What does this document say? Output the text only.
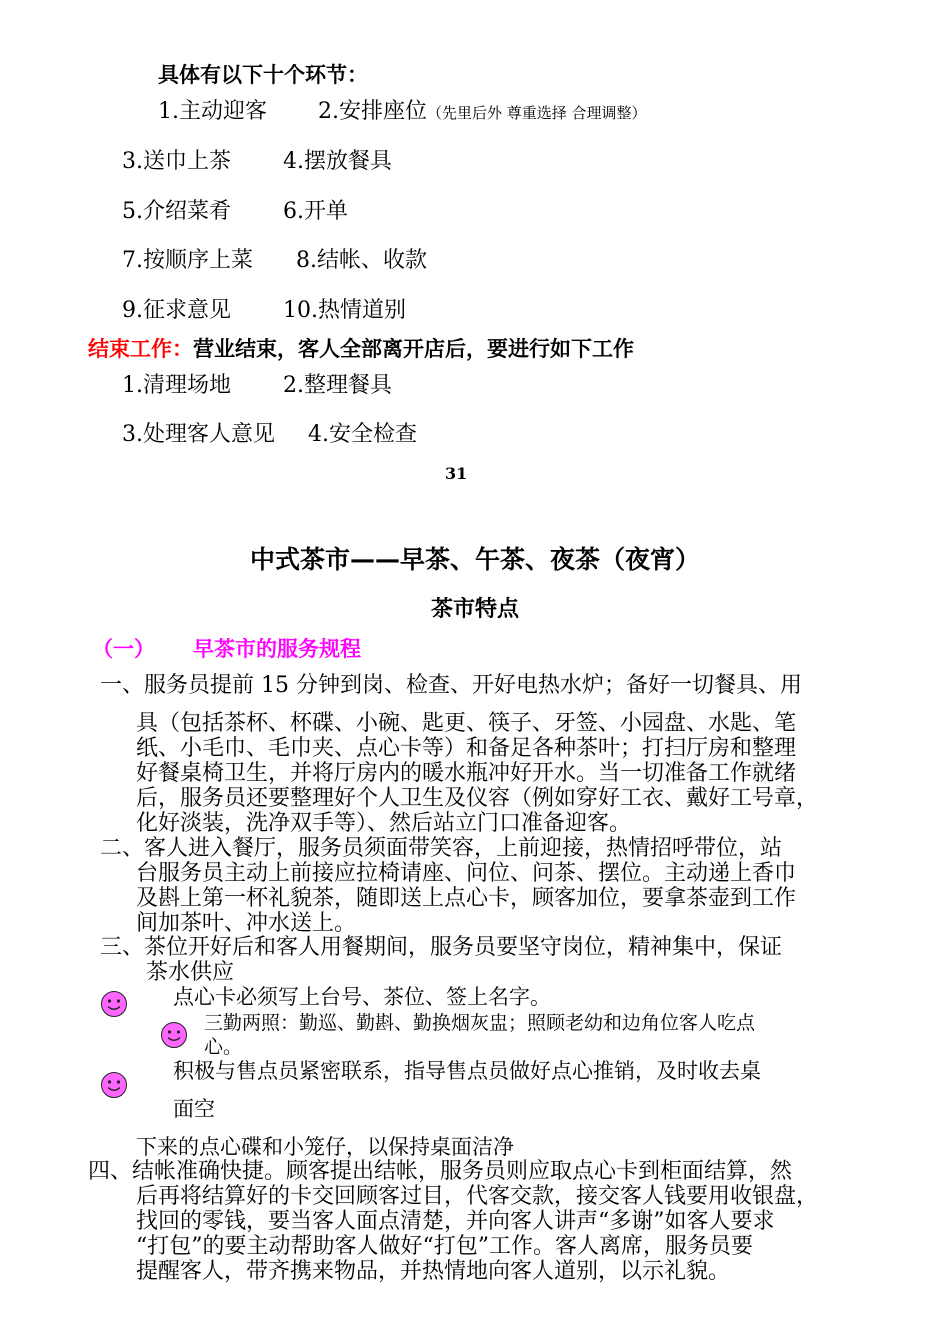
具体有以下十个环节：
1.主动迎客 2.安排座位（先里后外 尊重选择 合理调整）
3.送巾上茶 4.摆放餐具
5.介绍菜肴 6.开单
7.按顺序上菜 8.结帐、收款
9.征求意见 10.热情道别
结束工作：营业结束，客人全部离开店后，要进行如下工作
1.清理场地 2.整理餐具
3.处理客人意见 4.安全检查
31
中式茶市——早茶、午茶、夜茶（夜宵）
茶市特点
（一） 早茶市的服务规程
一、服务员提前 15 分钟到岗、检查、开好电热水炉；备好一切餐具、用
具（包括茶杯、杯碟、小碗、匙更、筷子、牙签、小园盘、水匙、笔
纸、小毛巾、毛巾夹、点心卡等）和备足各种茶叶；打扫厅房和整理
好餐桌椅卫生，并将厅房内的暖水瓶冲好开水。当一切准备工作就绪
后，服务员还要整理好个人卫生及仪容（例如穿好工衣、戴好工号章，
化好淡装，洗净双手等）、然后站立门口准备迎客。
二、客人进入餐厅，服务员须面带笑容，上前迎接，热情招呼带位，站
台服务员主动上前接应拉椅请座、问位、问茶、摆位。主动递上香巾
及斟上第一杯礼貌茶，随即送上点心卡，顾客加位，要拿茶壶到工作
间加茶叶、冲水送上。
三、茶位开好后和客人用餐期间，服务员要坚守岗位，精神集中，保证
茶水供应
点心卡必须写上台号、茶位、签上名字。
三勤两照：勤巡、勤斟、勤换烟灰盅；照顾老幼和边角位客人吃点
心。
积极与售点员紧密联系，指导售点员做好点心推销，及时收去桌
面空
下来的点心碟和小笼仔，以保持桌面洁净
四、结帐准确快捷。顾客提出结帐，服务员则应取点心卡到柜面结算，然
后再将结算好的卡交回顾客过目，代客交款，接交客人钱要用收银盘，
找回的零钱，要当客人面点清楚，并向客人讲声“多谢”如客人要求
“打包”的要主动帮助客人做好“打包”工作。客人离席，服务员要
提醒客人，带齐携来物品，并热情地向客人道别，以示礼貌。
